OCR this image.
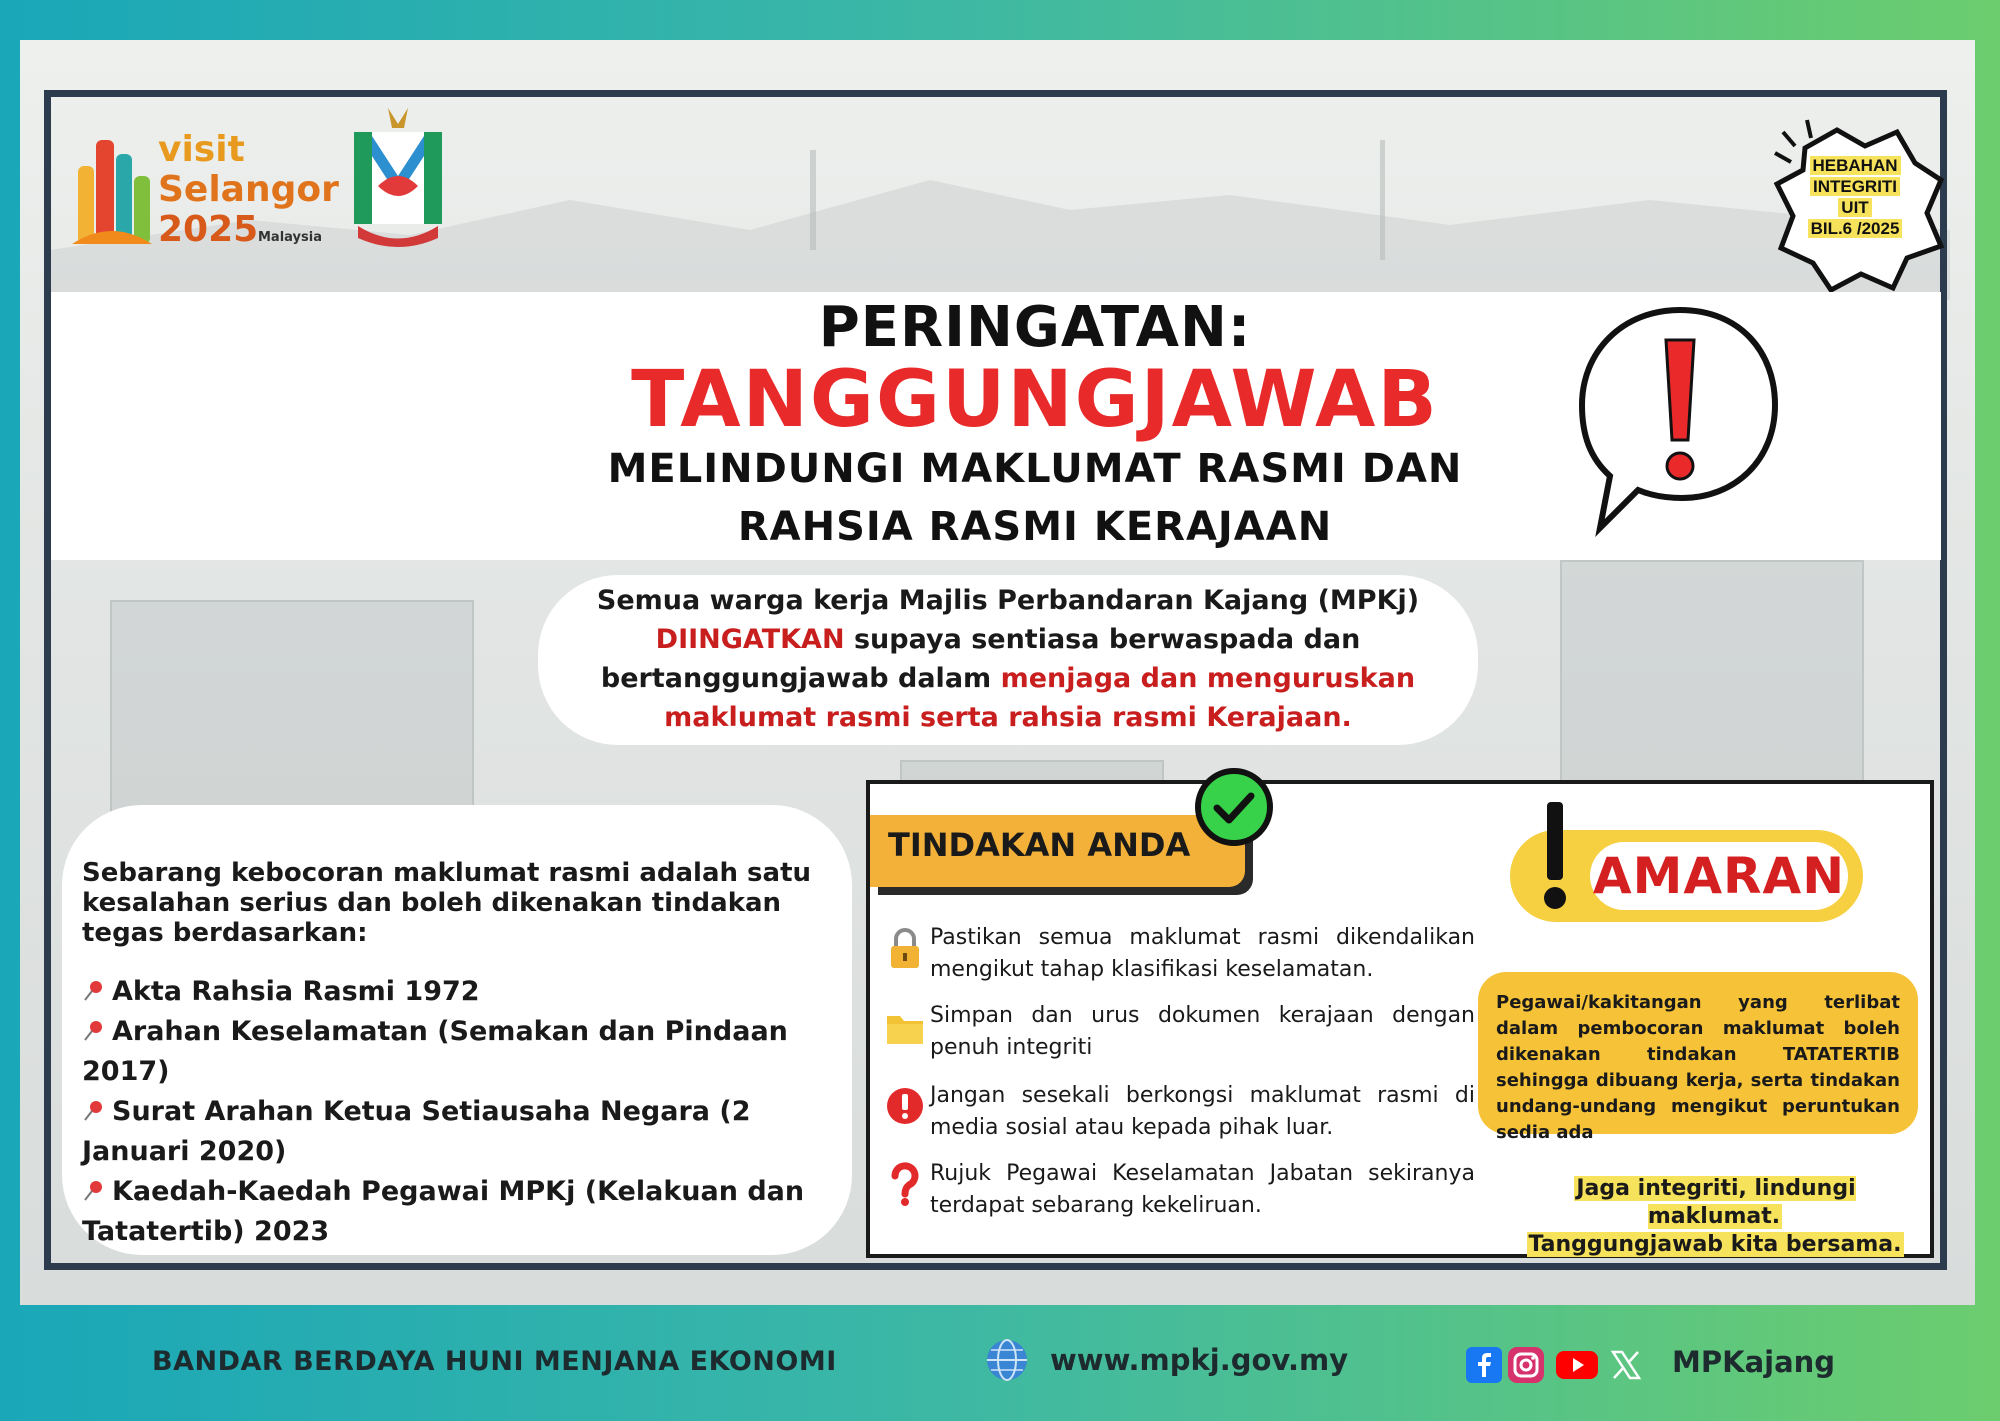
visit
Selangor
2025 Malaysia
HEBAHAN
INTEGRITI
UIT
BIL.6 /2025
PERINGATAN:
TANGGUNGJAWAB
MELINDUNGI MAKLUMAT RASMI DAN
RAHSIA RASMI KERAJAAN
Semua warga kerja Majlis Perbandaran Kajang (MPKj)
DIINGATKAN supaya sentiasa berwaspada dan
bertanggungjawab dalam menjaga dan menguruskan
maklumat rasmi serta rahsia rasmi Kerajaan.
Sebarang kebocoran maklumat rasmi adalah satu kesalahan serius dan boleh dikenakan tindakan tegas berdasarkan:
Akta Rahsia Rasmi 1972
Arahan Keselamatan (Semakan dan Pindaan 2017)
Surat Arahan Ketua Setiausaha Negara (2 Januari 2020)
Kaedah-Kaedah Pegawai MPKj (Kelakuan dan Tatatertib) 2023
TINDAKAN ANDA
Pastikan semua maklumat rasmi dikendalikan mengikut tahap klasifikasi keselamatan.
Simpan dan urus dokumen kerajaan dengan penuh integriti
Jangan sesekali berkongsi maklumat rasmi di media sosial atau kepada pihak luar.
Rujuk Pegawai Keselamatan Jabatan sekiranya terdapat sebarang kekeliruan.
AMARAN
Pegawai/kakitangan yang terlibat dalam pembocoran maklumat boleh dikenakan tindakan TATATERTIB sehingga dibuang kerja, serta tindakan undang-undang mengikut peruntukan sedia ada
Jaga integriti, lindungi maklumat.
Tanggungjawab kita bersama.
BANDAR BERDAYA HUNI MENJANA EKONOMI	www.mpkj.gov.my	MPKajang
